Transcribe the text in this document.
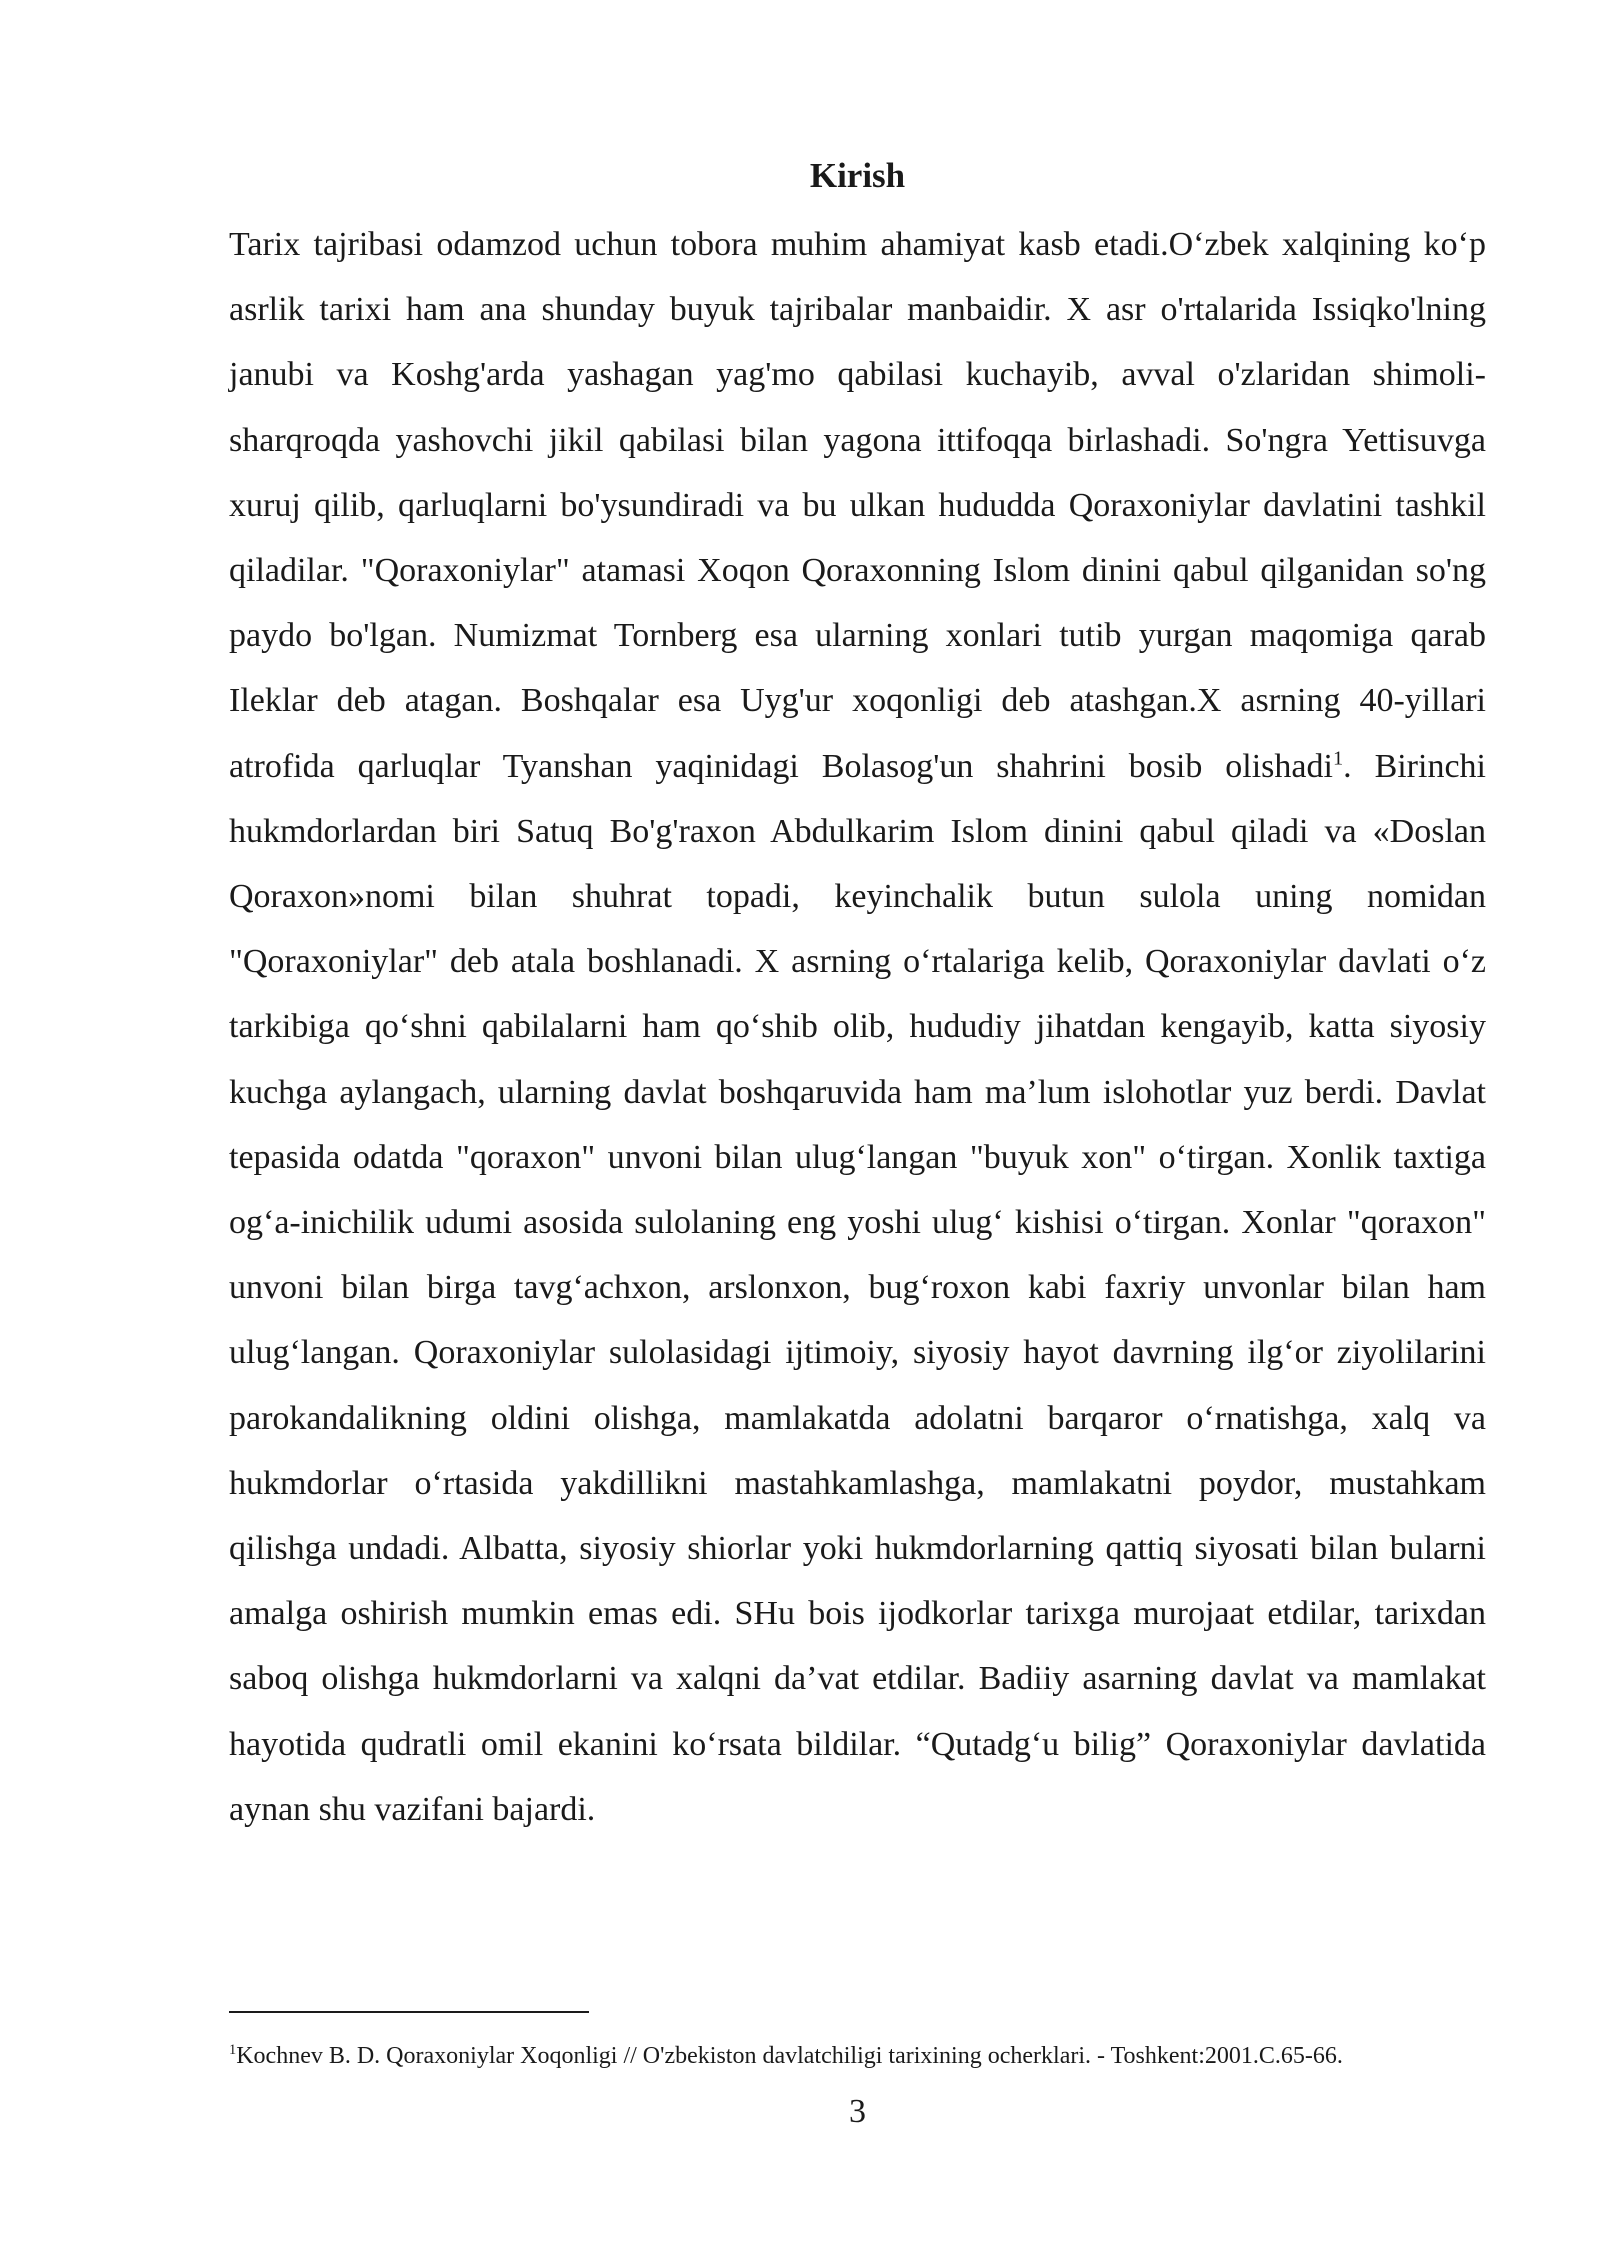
Kirish

Tarix tajribasi odamzod uchun tobora muhim ahamiyat kasb etadi.O‘zbek xalqining ko‘p asrlik tarixi ham ana shunday buyuk tajribalar manbaidir. X asr o'rtalarida Issiqko'lning janubi va Koshg'arda yashagan yag'mo qabilasi kuchayib, avval o'zlaridan shimoli-sharqroqda yashovchi jikil qabilasi bilan yagona ittifoqqa birlashadi. So'ngra Yettisuvga xuruj qilib, qarluqlarni bo'ysundiradi va bu ulkan hududda Qoraxoniylar davlatini tashkil qiladilar. "Qoraxoniylar" atamasi Xoqon Qoraxonning Islom dinini qabul qilganidan so'ng paydo bo'lgan. Numizmat Tornberg esa ularning xonlari tutib yurgan maqomiga qarab Ileklar deb atagan. Boshqalar esa Uyg'ur xoqonligi deb atashgan.X asrning 40-yillari atrofida qarluqlar Tyanshan yaqinidagi Bolasog'un shahrini bosib olishadi$^1$. Birinchi hukmdorlardan biri Satuq Bo'g'raxon Abdulkarim Islom dinini qabul qiladi va «Doslan Qoraxon»nomi bilan shuhrat topadi, keyinchalik butun sulola uning nomidan "Qoraxoniylar" deb atala boshlanadi. X asrning o‘rtalariga kelib, Qoraxoniylar davlati o‘z tarkibiga qo‘shni qabilalarni ham qo‘shib olib, hududiy jihatdan kengayib, katta siyosiy kuchga aylangach, ularning davlat boshqaruvida ham ma’lum islohotlar yuz berdi. Davlat tepasida odatda "qoraxon" unvoni bilan ulug‘langan "buyuk xon" o‘tirgan. Xonlik taxtiga og‘a-inichilik udumi asosida sulolaning eng yoshi ulug‘ kishisi o‘tirgan. Xonlar "qoraxon" unvoni bilan birga tavg‘achxon, arslonxon, bug‘roxon kabi faxriy unvonlar bilan ham ulug‘langan. Qoraxoniylar sulolasidagi ijtimoiy, siyosiy hayot davrning ilg‘or ziyolilarini parokandalikning oldini olishga, mamlakatda adolatni barqaror o‘rnatishga, xalq va hukmdorlar o‘rtasida yakdillikni mastahkamlashga, mamlakatni poydor, mustahkam qilishga undadi. Albatta, siyosiy shiorlar yoki hukmdorlarning qattiq siyosati bilan bularni amalga oshirish mumkin emas edi. SHu bois ijodkorlar tarixga murojaat etdilar, tarixdan saboq olishga hukmdorlarni va xalqni da’vat etdilar. Badiiy asarning davlat va mamlakat hayotida qudratli omil ekanini ko‘rsata bildilar. “Qutadg‘u bilig” Qoraxoniylar davlatida aynan shu vazifani bajardi.

$^1$Kochnev B. D. Qoraxoniylar Xoqonligi // O'zbekiston davlatchiligi tarixining ocherklari. - Toshkent:2001.C.65-66.

3
